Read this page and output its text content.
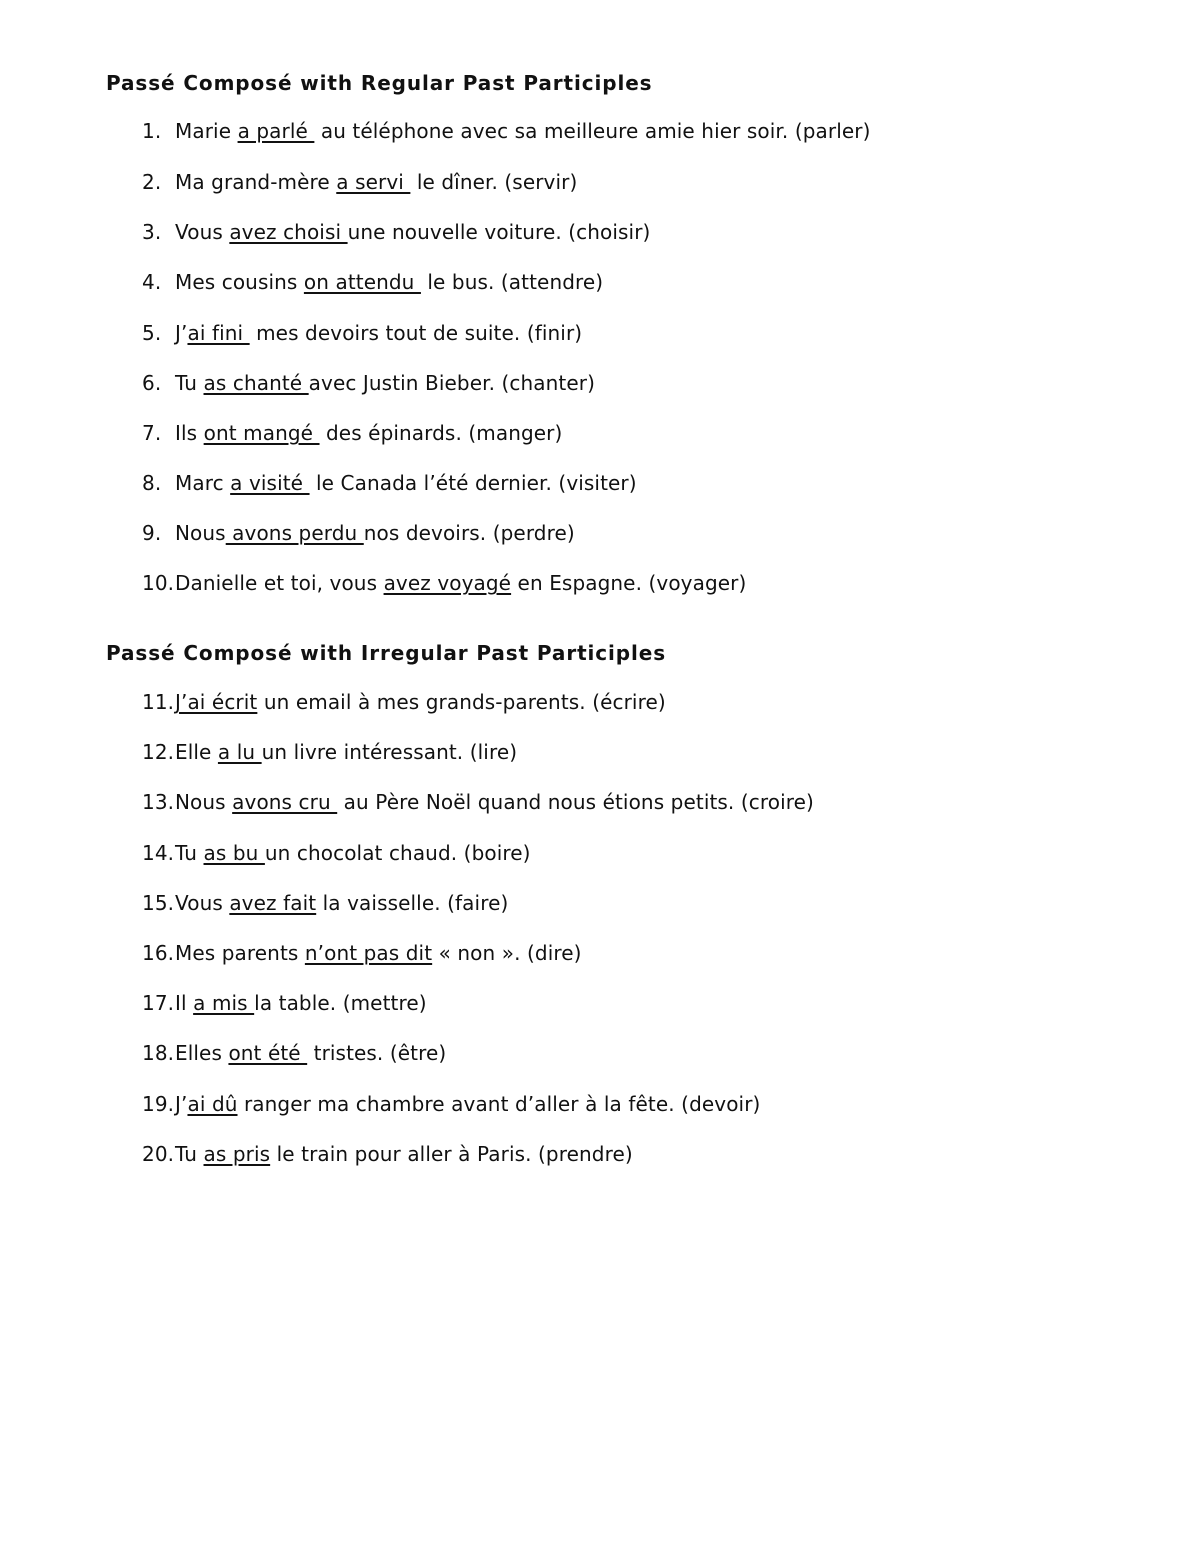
Passé Composé with Regular Past Participles
1. Marie a parlé  au téléphone avec sa meilleure amie hier soir. (parler)
2. Ma grand-mère a servi  le dîner. (servir)
3. Vous avez choisi une nouvelle voiture. (choisir)
4. Mes cousins on attendu  le bus. (attendre)
5. J’ai fini  mes devoirs tout de suite. (finir)
6. Tu as chanté avec Justin Bieber. (chanter)
7. Ils ont mangé  des épinards. (manger)
8. Marc a visité  le Canada l’été dernier. (visiter)
9. Nous avons perdu nos devoirs. (perdre)
10.Danielle et toi, vous avez voyagé en Espagne. (voyager)
Passé Composé with Irregular Past Participles
11.J’ai écrit un email à mes grands-parents. (écrire)
12.Elle a lu un livre intéressant. (lire)
13.Nous avons cru  au Père Noël quand nous étions petits. (croire)
14.Tu as bu un chocolat chaud. (boire)
15.Vous avez fait la vaisselle. (faire)
16.Mes parents n’ont pas dit « non ». (dire)
17.Il a mis la table. (mettre)
18.Elles ont été  tristes. (être)
19.J’ai dû ranger ma chambre avant d’aller à la fête. (devoir)
20.Tu as pris le train pour aller à Paris. (prendre)
